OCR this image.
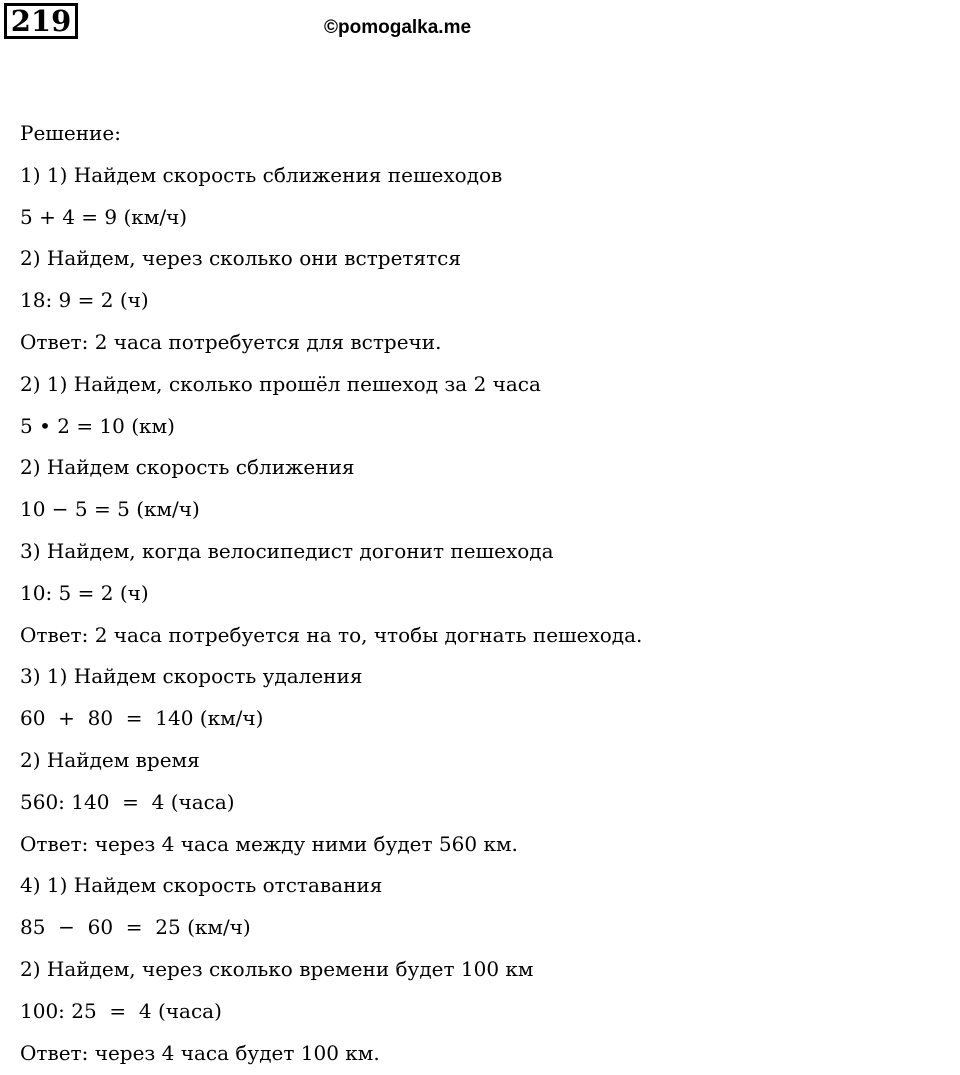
219	©pomogalka.me
Решение:
1) 1) Найдем скорость сближения пешеходов
5 + 4 = 9 (км/ч)
2) Найдем, через сколько они встретятся
18: 9 = 2 (ч)
Ответ: 2 часа потребуется для встречи.
2) 1) Найдем, сколько прошёл пешеход за 2 часа
5 • 2 = 10 (км)
2) Найдем скорость сближения
10 − 5 = 5 (км/ч)
3) Найдем, когда велосипедист догонит пешехода
10: 5 = 2 (ч)
Ответ: 2 часа потребуется на то, чтобы догнать пешехода.
3) 1) Найдем скорость удаления
60  +  80  =  140 (км/ч)
2) Найдем время
560: 140  =  4 (часа)
Ответ: через 4 часа между ними будет 560 км.
4) 1) Найдем скорость отставания
85  −  60  =  25 (км/ч)
2) Найдем, через сколько времени будет 100 км
100: 25  =  4 (часа)
Ответ: через 4 часа будет 100 км.
